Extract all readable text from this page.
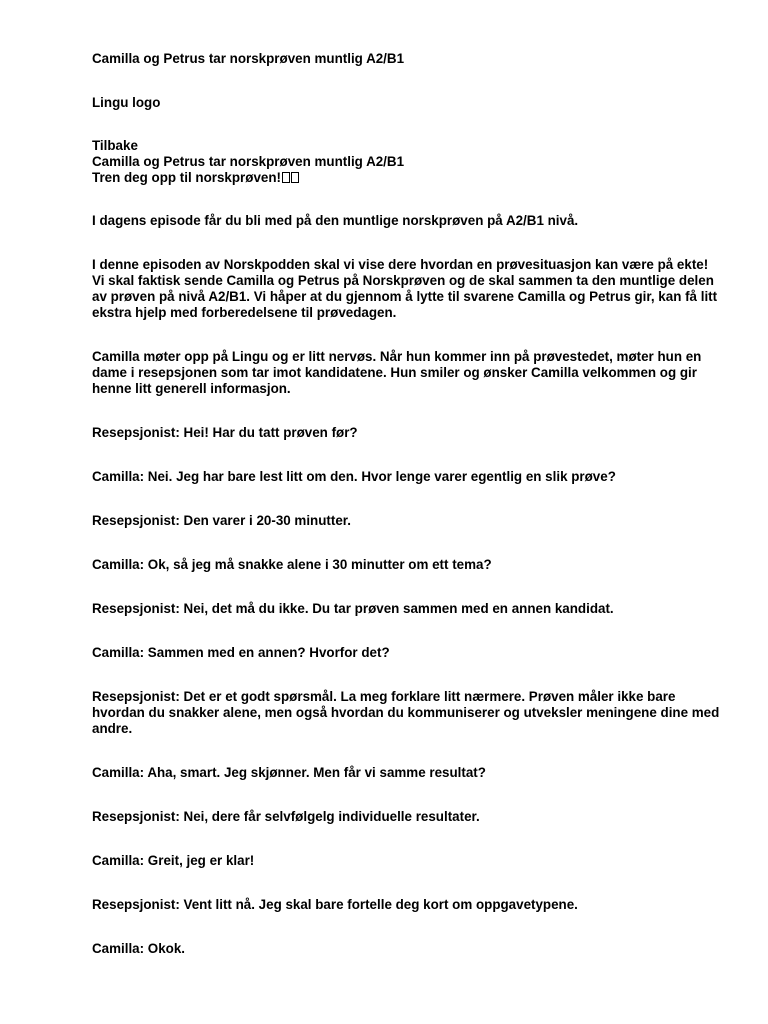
Camilla og Petrus tar norskprøven muntlig A2/B1

Lingu logo

Tilbake

Camilla og Petrus tar norskprøven muntlig A2/B1

Tren deg opp til norskprøven!

I dagens episode får du bli med på den muntlige norskprøven på A2/B1 nivå.

I denne episoden av Norskpodden skal vi vise dere hvordan en prøvesituasjon kan være på ekte! Vi skal faktisk sende Camilla og Petrus på Norskprøven og de skal sammen ta den muntlige delen av prøven på nivå A2/B1. Vi håper at du gjennom å lytte til svarene Camilla og Petrus gir, kan få litt ekstra hjelp med forberedelsene til prøvedagen.

Camilla møter opp på Lingu og er litt nervøs. Når hun kommer inn på prøvestedet, møter hun en dame i resepsjonen som tar imot kandidatene. Hun smiler og ønsker Camilla velkommen og gir henne litt generell informasjon.

Resepsjonist: Hei! Har du tatt prøven før?

Camilla: Nei. Jeg har bare lest litt om den. Hvor lenge varer egentlig en slik prøve?

Resepsjonist: Den varer i 20-30 minutter.

Camilla: Ok, så jeg må snakke alene i 30 minutter om ett tema?

Resepsjonist: Nei, det må du ikke. Du tar prøven sammen med en annen kandidat.

Camilla: Sammen med en annen? Hvorfor det?

Resepsjonist: Det er et godt spørsmål. La meg forklare litt nærmere. Prøven måler ikke bare hvordan du snakker alene, men også hvordan du kommuniserer og utveksler meningene dine med andre.

Camilla: Aha, smart. Jeg skjønner. Men får vi samme resultat?

Resepsjonist: Nei, dere får selvfølgelg individuelle resultater.

Camilla: Greit, jeg er klar!

Resepsjonist: Vent litt nå. Jeg skal bare fortelle deg kort om oppgavetypene.

Camilla: Okok.
